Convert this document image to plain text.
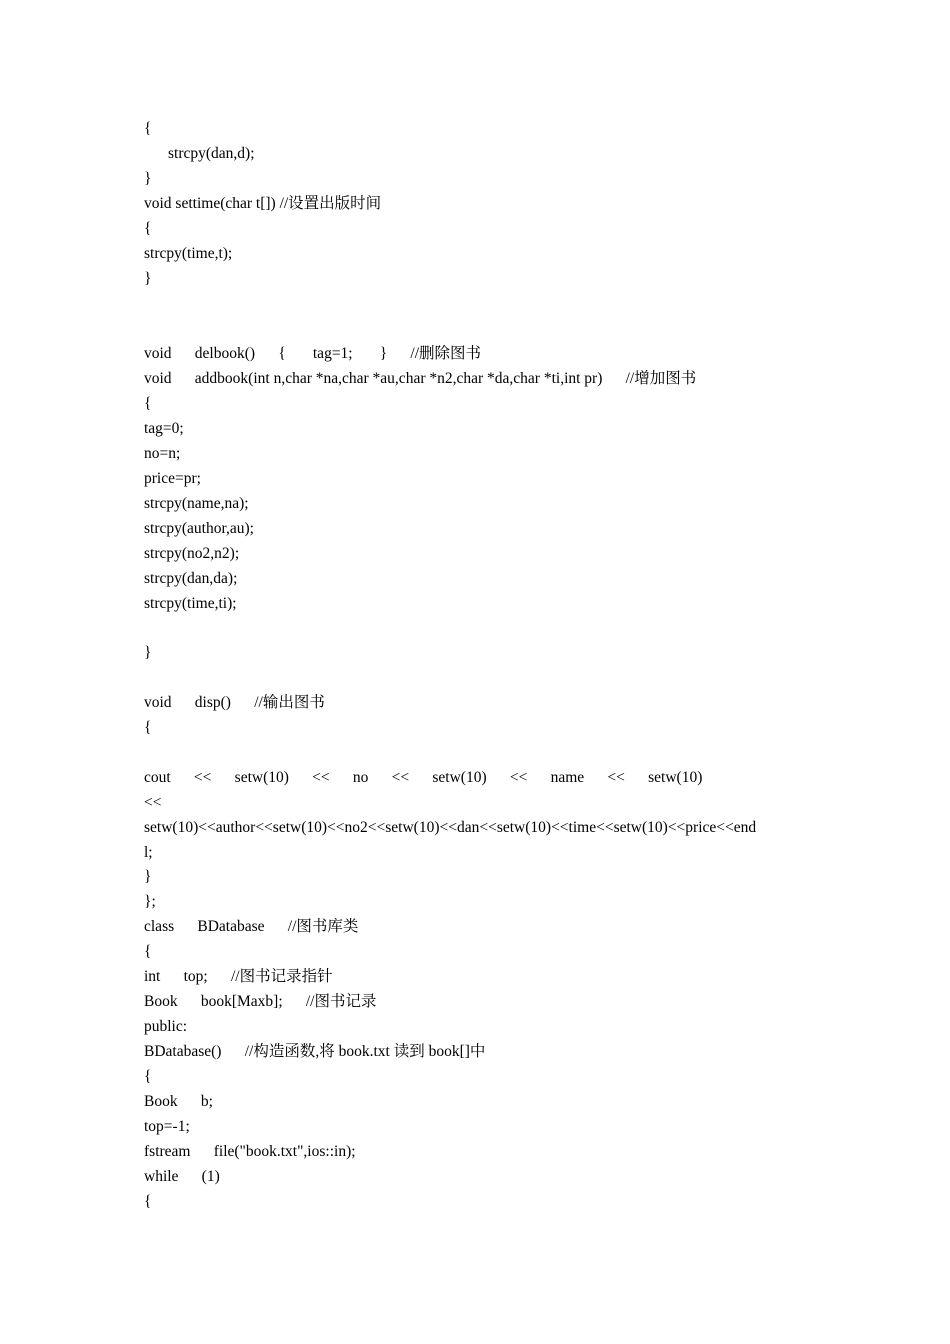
{
strcpy(dan,d);
}
void settime(char t[]) //设置出版时间
{
strcpy(time,t);
}
void      delbook()      {       tag=1;       }      //删除图书
void      addbook(int n,char *na,char *au,char *n2,char *da,char *ti,int pr)      //增加图书
{
tag=0;
no=n;
price=pr;
strcpy(name,na);
strcpy(author,au);
strcpy(no2,n2);
strcpy(dan,da);
strcpy(time,ti);
}
void      disp()      //输出图书
{
cout      <<      setw(10)      <<      no      <<      setw(10)      <<      name      <<      setw(10)
<<
setw(10)<<author<<setw(10)<<no2<<setw(10)<<dan<<setw(10)<<time<<setw(10)<<price<<end
l;
}
};
class      BDatabase      //图书库类
{
int      top;      //图书记录指针
Book      book[Maxb];      //图书记录
public:
BDatabase()      //构造函数,将 book.txt 读到 book[]中
{
Book      b;
top=-1;
fstream      file("book.txt",ios::in);
while      (1)
{
